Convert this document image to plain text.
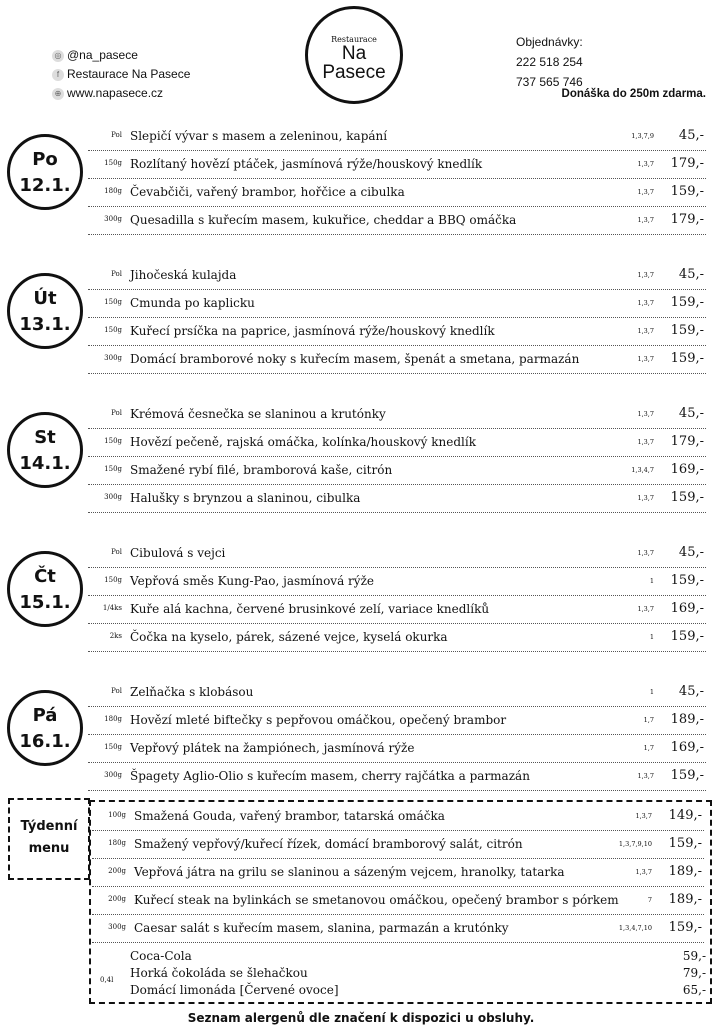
◎ @na_pasece
f Restaurace Na Pasece
⊕ www.napasece.cz
Restaurace
Na
Pasece
Objednávky:
222 518 254
737 565 746
Donáška do 250m zdarma.
Po
12.1.
Pol Slepičí vývar s masem a zeleninou, kapání	1,3,7,9 45,-
150g Rozlítaný hovězí ptáček, jasmínová rýže/houskový knedlík	1,3,7 179,-
180g Čevabčiči, vařený brambor, hořčice a cibulka	1,3,7 159,-
300g Quesadilla s kuřecím masem, kukuřice, cheddar a BBQ omáčka	1,3,7 179,-
Út
13.1.
Pol Jihočeská kulajda	1,3,7 45,-
150g Cmunda po kaplicku	1,3,7 159,-
150g Kuřecí prsíčka na paprice, jasmínová rýže/houskový knedlík	1,3,7 159,-
300g Domácí bramborové noky s kuřecím masem, špenát a smetana, parmazán	1,3,7 159,-
St
14.1.
Pol Krémová česnečka se slaninou a krutónky	1,3,7 45,-
150g Hovězí pečeně, rajská omáčka, kolínka/houskový knedlík	1,3,7 179,-
150g Smažené rybí filé, bramborová kaše, citrón	1,3,4,7 169,-
300g Halušky s brynzou a slaninou, cibulka	1,3,7 159,-
Čt
15.1.
Pol Cibulová s vejci	1,3,7 45,-
150g Vepřová směs Kung-Pao, jasmínová rýže	1 159,-
1/4ks Kuře alá kachna, červené brusinkové zelí, variace knedlíků	1,3,7 169,-
2ks Čočka na kyselo, párek, sázené vejce, kyselá okurka	1 159,-
Pá
16.1.
Pol Zelňačka s klobásou	1 45,-
180g Hovězí mleté biftečky s pepřovou omáčkou, opečený brambor	1,7 189,-
150g Vepřový plátek na žampiónech, jasmínová rýže	1,7 169,-
300g Špagety Aglio-Olio s kuřecím masem, cherry rajčátka a parmazán	1,3,7 159,-
Týdenní
menu
100g Smažená Gouda, vařený brambor, tatarská omáčka	1,3,7 149,-
180g Smažený vepřový/kuřecí řízek, domácí bramborový salát, citrón	1,3,7,9,10 159,-
200g Vepřová játra na grilu se slaninou a sázeným vejcem, hranolky, tatarka	1,3,7 189,-
200g Kuřecí steak na bylinkách se smetanovou omáčkou, opečený brambor s pórkem	7 189,-
300g Caesar salát s kuřecím masem, slanina, parmazán a krutónky	1,3,4,7,10 159,-
0,4l
Coca-Cola	59,-
Horká čokoláda se šlehačkou	79,-
Domácí limonáda [Červené ovoce]	65,-
Seznam alergenů dle značení k dispozici u obsluhy.
